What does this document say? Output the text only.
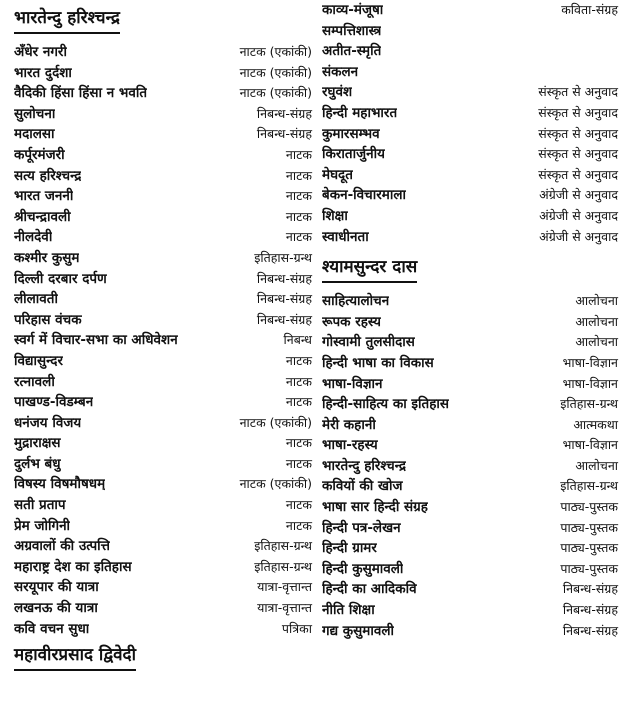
भारतेन्दु हरिश्चन्द्र
अँधेर नगरी	नाटक (एकांकी)
भारत दुर्दशा	नाटक (एकांकी)
वैदिकी हिंसा हिंसा न भवति	नाटक (एकांकी)
सुलोचना	निबन्ध-संग्रह
मदालसा	निबन्ध-संग्रह
कर्पूरमंजरी	नाटक
सत्य हरिश्चन्द्र	नाटक
भारत जननी	नाटक
श्रीचन्द्रावली	नाटक
नीलदेवी	नाटक
कश्मीर कुसुम	इतिहास-ग्रन्थ
दिल्ली दरबार दर्पण	निबन्ध-संग्रह
लीलावती	निबन्ध-संग्रह
परिहास वंचक	निबन्ध-संग्रह
स्वर्ग में विचार-सभा का अधिवेशन	निबन्ध
विद्यासुन्दर	नाटक
रत्नावली	नाटक
पाखण्ड-विडम्बन	नाटक
धनंजय विजय	नाटक (एकांकी)
मुद्राराक्षस	नाटक
दुर्लभ बंधु	नाटक
विषस्य विषमौषधम्	नाटक (एकांकी)
सती प्रताप	नाटक
प्रेम जोगिनी	नाटक
अग्रवालों की उत्पत्ति	इतिहास-ग्रन्थ
महाराष्ट्र देश का इतिहास	इतिहास-ग्रन्थ
सरयूपार की यात्रा	यात्रा-वृत्तान्त
लखनऊ की यात्रा	यात्रा-वृत्तान्त
कवि वचन सुधा	पत्रिका
महावीरप्रसाद द्विवेदी
काव्य-मंजूषा	कविता-संग्रह
सम्पत्तिशास्त्र
अतीत-स्मृति
संकलन
रघुवंश	संस्कृत से अनुवाद
हिन्दी महाभारत	संस्कृत से अनुवाद
कुमारसम्भव	संस्कृत से अनुवाद
किरातार्जुनीय	संस्कृत से अनुवाद
मेघदूत	संस्कृत से अनुवाद
बेकन-विचारमाला	अंग्रेजी से अनुवाद
शिक्षा	अंग्रेजी से अनुवाद
स्वाधीनता	अंग्रेजी से अनुवाद
श्यामसुन्दर दास
साहित्यालोचन	आलोचना
रूपक रहस्य	आलोचना
गोस्वामी तुलसीदास	आलोचना
हिन्दी भाषा का विकास	भाषा-विज्ञान
भाषा-विज्ञान	भाषा-विज्ञान
हिन्दी-साहित्य का इतिहास	इतिहास-ग्रन्थ
मेरी कहानी	आत्मकथा
भाषा-रहस्य	भाषा-विज्ञान
भारतेन्दु हरिश्चन्द्र	आलोचना
कवियों की खोज	इतिहास-ग्रन्थ
भाषा सार हिन्दी संग्रह	पाठ्य-पुस्तक
हिन्दी पत्र-लेखन	पाठ्य-पुस्तक
हिन्दी ग्रामर	पाठ्य-पुस्तक
हिन्दी कुसुमावली	पाठ्य-पुस्तक
हिन्दी का आदिकवि	निबन्ध-संग्रह
नीति शिक्षा	निबन्ध-संग्रह
गद्य कुसुमावली	निबन्ध-संग्रह
